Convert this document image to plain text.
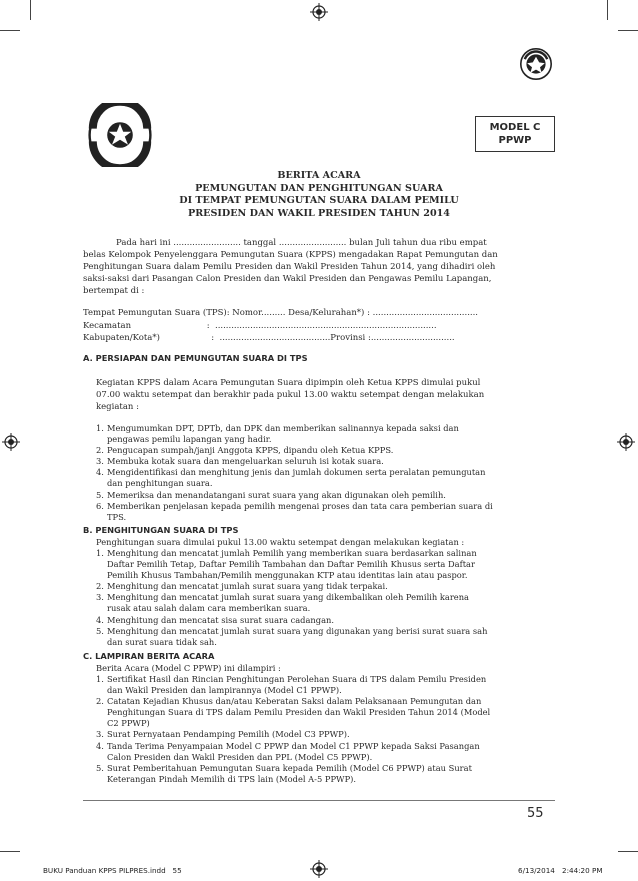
MODEL C
PPWP
BERITA ACARA
PEMUNGUTAN DAN PENGHITUNGAN SUARA
DI TEMPAT PEMUNGUTAN SUARA DALAM PEMILU
PRESIDEN DAN WAKIL PRESIDEN TAHUN 2014
Pada hari ini ......................... tanggal ......................... bulan Juli tahun dua ribu empat
belas Kelompok Penyelenggara Pemungutan Suara (KPPS) mengadakan Rapat Pemungutan dan
Penghitungan Suara dalam Pemilu Presiden dan Wakil Presiden Tahun 2014, yang dihadiri oleh
saksi-saksi dari Pasangan Calon Presiden dan Wakil Presiden dan Pengawas Pemilu Lapangan,
bertempat di :
Tempat Pemungutan Suara (TPS): Nomor......... Desa/Kelurahan*) : .......................................
Kecamatan                            :  ..................................................................................
Kabupaten/Kota*)                   :  .........................................Provinsi :...............................
A. PERSIAPAN DAN PEMUNGUTAN SUARA DI TPS
Kegiatan KPPS dalam Acara Pemungutan Suara dipimpin oleh Ketua KPPS dimulai pukul
07.00 waktu setempat dan berakhir pada pukul 13.00 waktu setempat dengan melakukan
kegiatan :
1. Mengumumkan DPT, DPTb, dan DPK dan memberikan salinannya kepada saksi dan
pengawas pemilu lapangan yang hadir.
2. Pengucapan sumpah/janji Anggota KPPS, dipandu oleh Ketua KPPS.
3. Membuka kotak suara dan mengeluarkan seluruh isi kotak suara.
4. Mengidentifikasi dan menghitung jenis dan jumlah dokumen serta peralatan pemungutan
dan penghitungan suara.
5. Memeriksa dan menandatangani surat suara yang akan digunakan oleh pemilih.
6. Memberikan penjelasan kepada pemilih mengenai proses dan tata cara pemberian suara di
TPS.
B. PENGHITUNGAN SUARA DI TPS
Penghitungan suara dimulai pukul 13.00 waktu setempat dengan melakukan kegiatan :
1. Menghitung dan mencatat jumlah Pemilih yang memberikan suara berdasarkan salinan
Daftar Pemilih Tetap, Daftar Pemilih Tambahan dan Daftar Pemilih Khusus serta Daftar
Pemilih Khusus Tambahan/Pemilih menggunakan KTP atau identitas lain atau paspor.
2. Menghitung dan mencatat jumlah surat suara yang tidak terpakai.
3. Menghitung dan mencatat jumlah surat suara yang dikembalikan oleh Pemilih karena
rusak atau salah dalam cara memberikan suara.
4. Menghitung dan mencatat sisa surat suara cadangan.
5. Menghitung dan mencatat jumlah surat suara yang digunakan yang berisi surat suara sah
dan surat suara tidak sah.
C. LAMPIRAN BERITA ACARA
Berita Acara (Model C PPWP) ini dilampiri :
1. Sertifikat Hasil dan Rincian Penghitungan Perolehan Suara di TPS dalam Pemilu Presiden
dan Wakil Presiden dan lampirannya (Model C1 PPWP).
2. Catatan Kejadian Khusus dan/atau Keberatan Saksi dalam Pelaksanaan Pemungutan dan
Penghitungan Suara di TPS dalam Pemilu Presiden dan Wakil Presiden Tahun 2014 (Model
C2 PPWP)
3. Surat Pernyataan Pendamping Pemilih (Model C3 PPWP).
4. Tanda Terima Penyampaian Model C PPWP dan Model C1 PPWP kepada Saksi Pasangan
Calon Presiden dan Wakil Presiden dan PPL (Model C5 PPWP).
5. Surat Pemberitahuan Pemungutan Suara kepada Pemilih (Model C6 PPWP) atau Surat
Keterangan Pindah Memilih di TPS lain (Model A-5 PPWP).
55
BUKU Panduan KPPS PILPRES.indd   55	6/13/2014 2:44:20 PM
